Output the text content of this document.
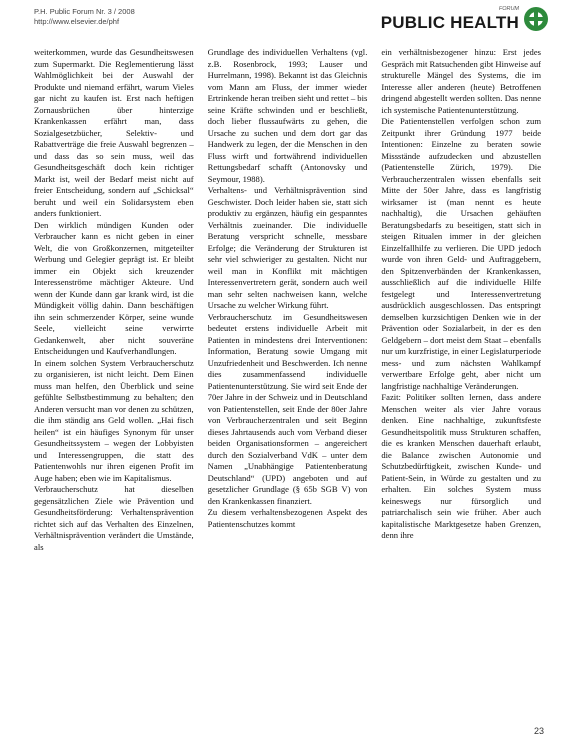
P.H. Public Forum Nr. 3 / 2008
http://www.elsevier.de/phf
FORUM
PUBLIC HEALTH

weiterkommen, wurde das Gesundheitswesen zum Supermarkt. Die Reglementierung lässt Wahlmöglichkeit bei der Auswahl der Produkte und niemand erfährt, warum Vieles gar nicht zu kaufen ist. Erst nach heftigen Zornausbrüchen über hinterzige Krankenkassen erfährt man, dass Sozialgesetzbücher, Selektiv- und Rabattverträge die freie Auswahl begrenzen – und dass das so sein muss, weil das Gesundheitsgeschäft doch kein richtiger Markt ist, weil der Bedarf meist nicht auf freier Entscheidung, sondern auf „Schicksal“ beruht und weil ein Solidarsystem eben anders funktioniert.

Den wirklich mündigen Kunden oder Verbraucher kann es nicht geben in einer Welt, die von Großkonzernen, mitgeteilter Werbung und Gelegier geprägt ist. Er bleibt immer ein Objekt sich kreuzender Interessenströme mächtiger Akteure. Und wenn der Kunde dann gar krank wird, ist die Mündigkeit völlig dahin. Dann beschäftigen ihn sein schmerzender Körper, seine wunde Seele, vielleicht seine verwirrte Gedankenwelt, aber nicht souveräne Entscheidungen und Kaufverhandlungen.

In einem solchen System Verbraucherschutz zu organisieren, ist nicht leicht. Dem Einen muss man helfen, den Überblick und seine gefühlte Selbstbestimmung zu behalten; den Anderen versucht man vor denen zu schützen, die ihm ständig ans Geld wollen. „Hai fisch heilen“ ist ein häufiges Synonym für unser Gesundheitssystem – wegen der Lobbyisten und Interessengruppen, die statt des Patientenwohls nur ihren eigenen Profit im Auge haben; eben wie im Kapitalismus.

Verbraucherschutz hat dieselben gegensätzlichen Ziele wie Prävention und Gesundheitsförderung: Verhaltensprävention richtet sich auf das Verhalten des Einzelnen, Verhältnisprävention verändert die Umstände, als

Grundlage des individuellen Verhaltens (vgl. z.B. Rosenbrock, 1993; Lauser und Hurrelmann, 1998). Bekannt ist das Gleichnis vom Mann am Fluss, der immer wieder Ertrinkende heran treiben sieht und rettet – bis seine Kräfte schwinden und er beschließt, doch lieber flussaufwärts zu gehen, die Ursache zu suchen und dem dort gar das Handwerk zu legen, der die Menschen in den Fluss wirft und fortwährend individuellen Rettungsbedarf schafft (Antonovsky und Seymour, 1988).

Verhaltens- und Verhältnisprävention sind Geschwister. Doch leider haben sie, statt sich produktiv zu ergänzen, häufig ein gespanntes Verhältnis zueinander. Die individuelle Beratung verspricht schnelle, messbare Erfolge; die Veränderung der Strukturen ist sehr viel schwieriger zu gestalten. Nicht nur weil man in Konflikt mit mächtigen Interessenvertretern gerät, sondern auch weil man sehr selten nachweisen kann, welche Ursache zu welcher Wirkung führt.

Verbraucherschutz im Gesundheitswesen bedeutet erstens individuelle Arbeit mit Patienten in mindestens drei Interventionen: Information, Beratung sowie Umgang mit Unzufriedenheit und Beschwerden. Ich nenne dies zusammenfassend individuelle Patientenunterstützung. Sie wird seit Ende der 70er Jahre in der Schweiz und in Deutschland von Patientenstellen, seit Ende der 80er Jahre von Verbraucherzentralen und seit Beginn dieses Jahrtausends auch vom Verband dieser beiden Organisationsformen – angereichert durch den Sozialverband VdK – unter dem Namen „Unabhängige Patientenberatung Deutschland“ (UPD) angeboten und auf gesetzlicher Grundlage (§ 65b SGB V) von den Krankenkassen finanziert.

Zu diesem verhaltensbezogenen Aspekt des Patientenschutzes kommt

ein verhältnisbezogener hinzu: Erst jedes Gespräch mit Ratsuchenden gibt Hinweise auf strukturelle Mängel des Systems, die im Interesse aller anderen (heute) Betroffenen dringend abgestellt werden sollten. Das nenne ich systemische Patientenunterstützung.

Die Patientenstellen verfolgen schon zum Zeitpunkt ihrer Gründung 1977 beide Intentionen: Einzelne zu beraten sowie Missstände aufzudecken und abzustellen (Patientenstelle Zürich, 1979). Die Verbraucherzentralen wissen ebenfalls seit Mitte der 50er Jahre, dass es langfristig wirksamer ist (man nennt es heute nachhaltig), die Ursachen gehäuften Beratungsbedarfs zu beseitigen, statt sich in steigen Ritualen immer in der gleichen Einzelfallhilfe zu verlieren. Die UPD jedoch wurde von ihren Geld- und Auftraggebern, den Spitzenverbänden der Krankenkassen, ausschließlich auf die individuelle Hilfe festgelegt und Interessenvertretung ausdrücklich ausgeschlossen. Das entspringt demselben kurzsichtigen Denken wie in der Prävention oder Sozialarbeit, in der es den Geldgebern – dort meist dem Staat – ebenfalls nur um kurzfristige, in einer Legislaturperiode mess- und zum nächsten Wahlkampf verwertbare Erfolge geht, aber nicht um langfristige nachhaltige Veränderungen.

Fazit: Politiker sollten lernen, dass andere Menschen weiter als vier Jahre voraus denken. Eine nachhaltige, zukunftsfeste Gesundheitspolitik muss Strukturen schaffen, die es kranken Menschen dauerhaft erlaubt, die Balance zwischen Autonomie und Schutzbedürftigkeit, zwischen Kunde- und Patient-Sein, in Würde zu gestalten und zu erhalten. Ein solches System muss keineswegs nur fürsorglich und patriarchalisch sein wie früher. Aber auch kapitalistische Marktgesetze haben Grenzen, denn ihre

23
